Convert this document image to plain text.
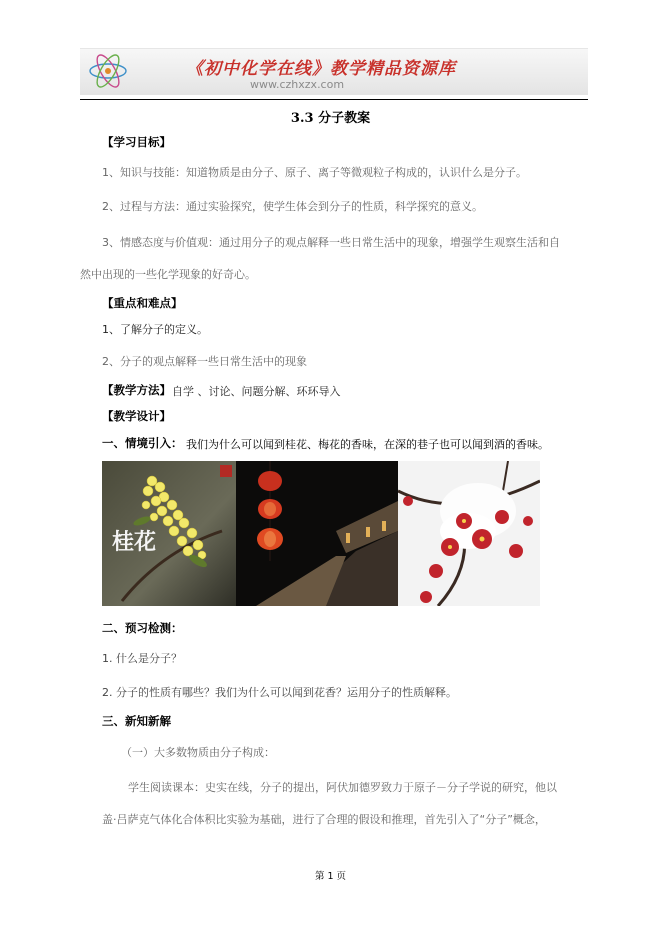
《初中化学在线》教学精品资源库
www.czhxzx.com
3.3 分子教案
【学习目标】
1、知识与技能：知道物质是由分子、原子、离子等微观粒子构成的，认识什么是分子。
2、过程与方法：通过实验探究，使学生体会到分子的性质，科学探究的意义。
3、情感态度与价值观：通过用分子的观点解释一些日常生活中的现象，增强学生观察生活和自
然中出现的一些化学现象的好奇心。
【重点和难点】
1、了解分子的定义。
2、分子的观点解释一些日常生活中的现象
【教学方法】 自学 、讨论、问题分解、环环导入
【教学设计】
一、情境引入： 我们为什么可以闻到桂花、梅花的香味，在深的巷子也可以闻到酒的香味。
桂花
二、预习检测：
1. 什么是分子？
2. 分子的性质有哪些？我们为什么可以闻到花香？运用分子的性质解释。
三、新知新解
（一）大多数物质由分子构成：
学生阅读课本：史实在线，分子的提出，阿伏加德罗致力于原子－分子学说的研究，他以
盖·吕萨克气体化合体积比实验为基础，进行了合理的假设和推理，首先引入了“分子”概念，
第 1 页
